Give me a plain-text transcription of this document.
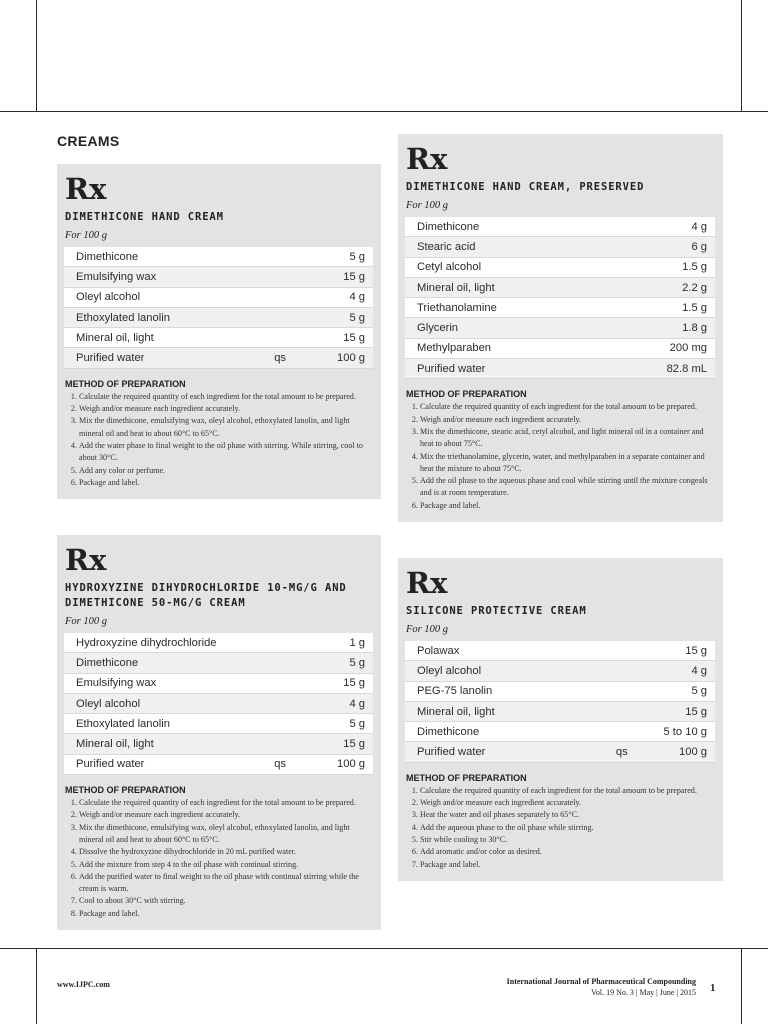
CREAMS
Rx
DIMETHICONE HAND CREAM
For 100 g
Dimethicone		5 g
Emulsifying wax		15 g
Oleyl alcohol		4 g
Ethoxylated lanolin		5 g
Mineral oil, light		15 g
Purified water	qs	100 g
METHOD OF PREPARATION
1. Calculate the required quantity of each ingredient for the total amount to be prepared.
2. Weigh and/or measure each ingredient accurately.
3. Mix the dimethicone, emulsifying wax, oleyl alcohol, ethoxylated lanolin, and light mineral oil and heat to about 60°C to 65°C.
4. Add the water phase to final weight to the oil phase with stirring. While stirring, cool to about 30°C.
5. Add any color or perfume.
6. Package and label.
Rx
DIMETHICONE HAND CREAM, PRESERVED
For 100 g
Dimethicone		4 g
Stearic acid		6 g
Cetyl alcohol		1.5 g
Mineral oil, light		2.2 g
Triethanolamine		1.5 g
Glycerin		1.8 g
Methylparaben		200 mg
Purified water		82.8 mL
METHOD OF PREPARATION
1. Calculate the required quantity of each ingredient for the total amount to be prepared.
2. Weigh and/or measure each ingredient accurately.
3. Mix the dimethicone, stearic acid, cetyl alcohol, and light mineral oil in a container and heat to about 75°C.
4. Mix the triethanolamine, glycerin, water, and methylparaben in a separate container and heat the mixture to about 75°C.
5. Add the oil phase to the aqueous phase and cool while stirring until the mixture congeals and is at room temperature.
6. Package and label.
Rx
HYDROXYZINE DIHYDROCHLORIDE 10-MG/G AND DIMETHICONE 50-MG/G CREAM
For 100 g
Hydroxyzine dihydrochloride		1 g
Dimethicone		5 g
Emulsifying wax		15 g
Oleyl alcohol		4 g
Ethoxylated lanolin		5 g
Mineral oil, light		15 g
Purified water	qs	100 g
METHOD OF PREPARATION
1. Calculate the required quantity of each ingredient for the total amount to be prepared.
2. Weigh and/or measure each ingredient accurately.
3. Mix the dimethicone, emulsifying wax, oleyl alcohol, ethoxylated lanolin, and light mineral oil and heat to about 60°C to 65°C.
4. Dissolve the hydroxyzine dihydrochloride in 20 mL purified water.
5. Add the mixture from step 4 to the oil phase with continual stirring.
6. Add the purified water to final weight to the oil phase with continual stirring while the cream is warm.
7. Cool to about 30°C with stirring.
8. Package and label.
Rx
SILICONE PROTECTIVE CREAM
For 100 g
Polawax		15 g
Oleyl alcohol		4 g
PEG-75 lanolin		5 g
Mineral oil, light		15 g
Dimethicone		5 to 10 g
Purified water	qs	100 g
METHOD OF PREPARATION
1. Calculate the required quantity of each ingredient for the total amount to be prepared.
2. Weigh and/or measure each ingredient accurately.
3. Heat the water and oil phases separately to 65°C.
4. Add the aqueous phase to the oil phase while stirring.
5. Stir while cooling to 30°C.
6. Add aromatic and/or color as desired.
7. Package and label.
www.IJPC.com	International Journal of Pharmaceutical Compounding
Vol. 19 No. 3 | May | June | 2015 1
